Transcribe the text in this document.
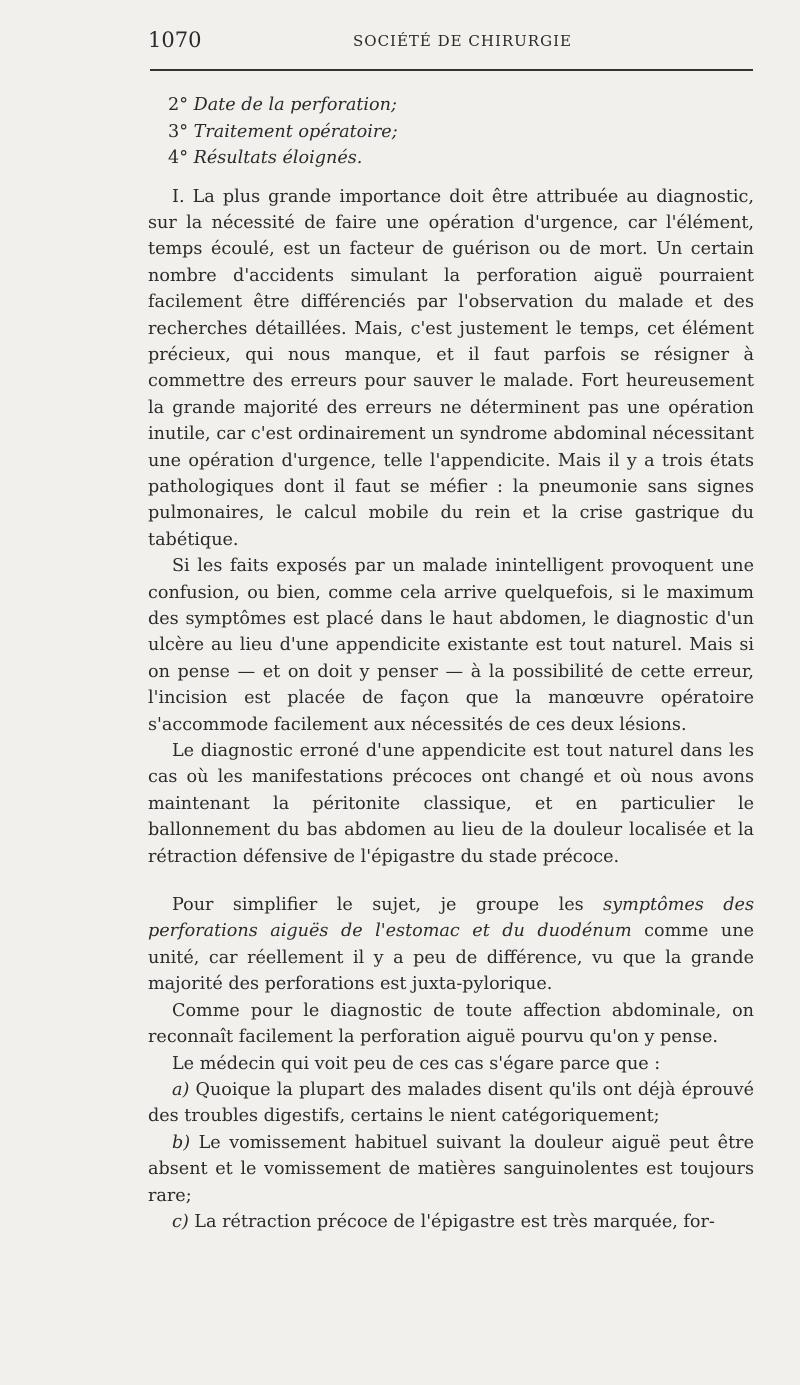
1070	SOCIÉTÉ DE CHIRURGIE
2° Date de la perforation;
3° Traitement opératoire;
4° Résultats éloignés.

I. La plus grande importance doit être attribuée au diagnostic, sur la nécessité de faire une opération d'urgence, car l'élément, temps écoulé, est un facteur de guérison ou de mort. Un certain nombre d'accidents simulant la perforation aiguë pourraient facilement être différenciés par l'observation du malade et des recherches détaillées. Mais, c'est justement le temps, cet élément précieux, qui nous manque, et il faut parfois se résigner à commettre des erreurs pour sauver le malade. Fort heureusement la grande majorité des erreurs ne déterminent pas une opération inutile, car c'est ordinairement un syndrome abdominal nécessitant une opération d'urgence, telle l'appendicite. Mais il y a trois états pathologiques dont il faut se méfier : la pneumonie sans signes pulmonaires, le calcul mobile du rein et la crise gastrique du tabétique.

Si les faits exposés par un malade inintelligent provoquent une confusion, ou bien, comme cela arrive quelquefois, si le maximum des symptômes est placé dans le haut abdomen, le diagnostic d'un ulcère au lieu d'une appendicite existante est tout naturel. Mais si on pense — et on doit y penser — à la possibilité de cette erreur, l'incision est placée de façon que la manœuvre opératoire s'accommode facilement aux nécessités de ces deux lésions.

Le diagnostic erroné d'une appendicite est tout naturel dans les cas où les manifestations précoces ont changé et où nous avons maintenant la péritonite classique, et en particulier le ballonnement du bas abdomen au lieu de la douleur localisée et la rétraction défensive de l'épigastre du stade précoce.

Pour simplifier le sujet, je groupe les symptômes des perforations aiguës de l'estomac et du duodénum comme une unité, car réellement il y a peu de différence, vu que la grande majorité des perforations est juxta-pylorique.

Comme pour le diagnostic de toute affection abdominale, on reconnaît facilement la perforation aiguë pourvu qu'on y pense.

Le médecin qui voit peu de ces cas s'égare parce que :

a) Quoique la plupart des malades disent qu'ils ont déjà éprouvé des troubles digestifs, certains le nient catégoriquement;

b) Le vomissement habituel suivant la douleur aiguë peut être absent et le vomissement de matières sanguinolentes est toujours rare;

c) La rétraction précoce de l'épigastre est très marquée, for-
